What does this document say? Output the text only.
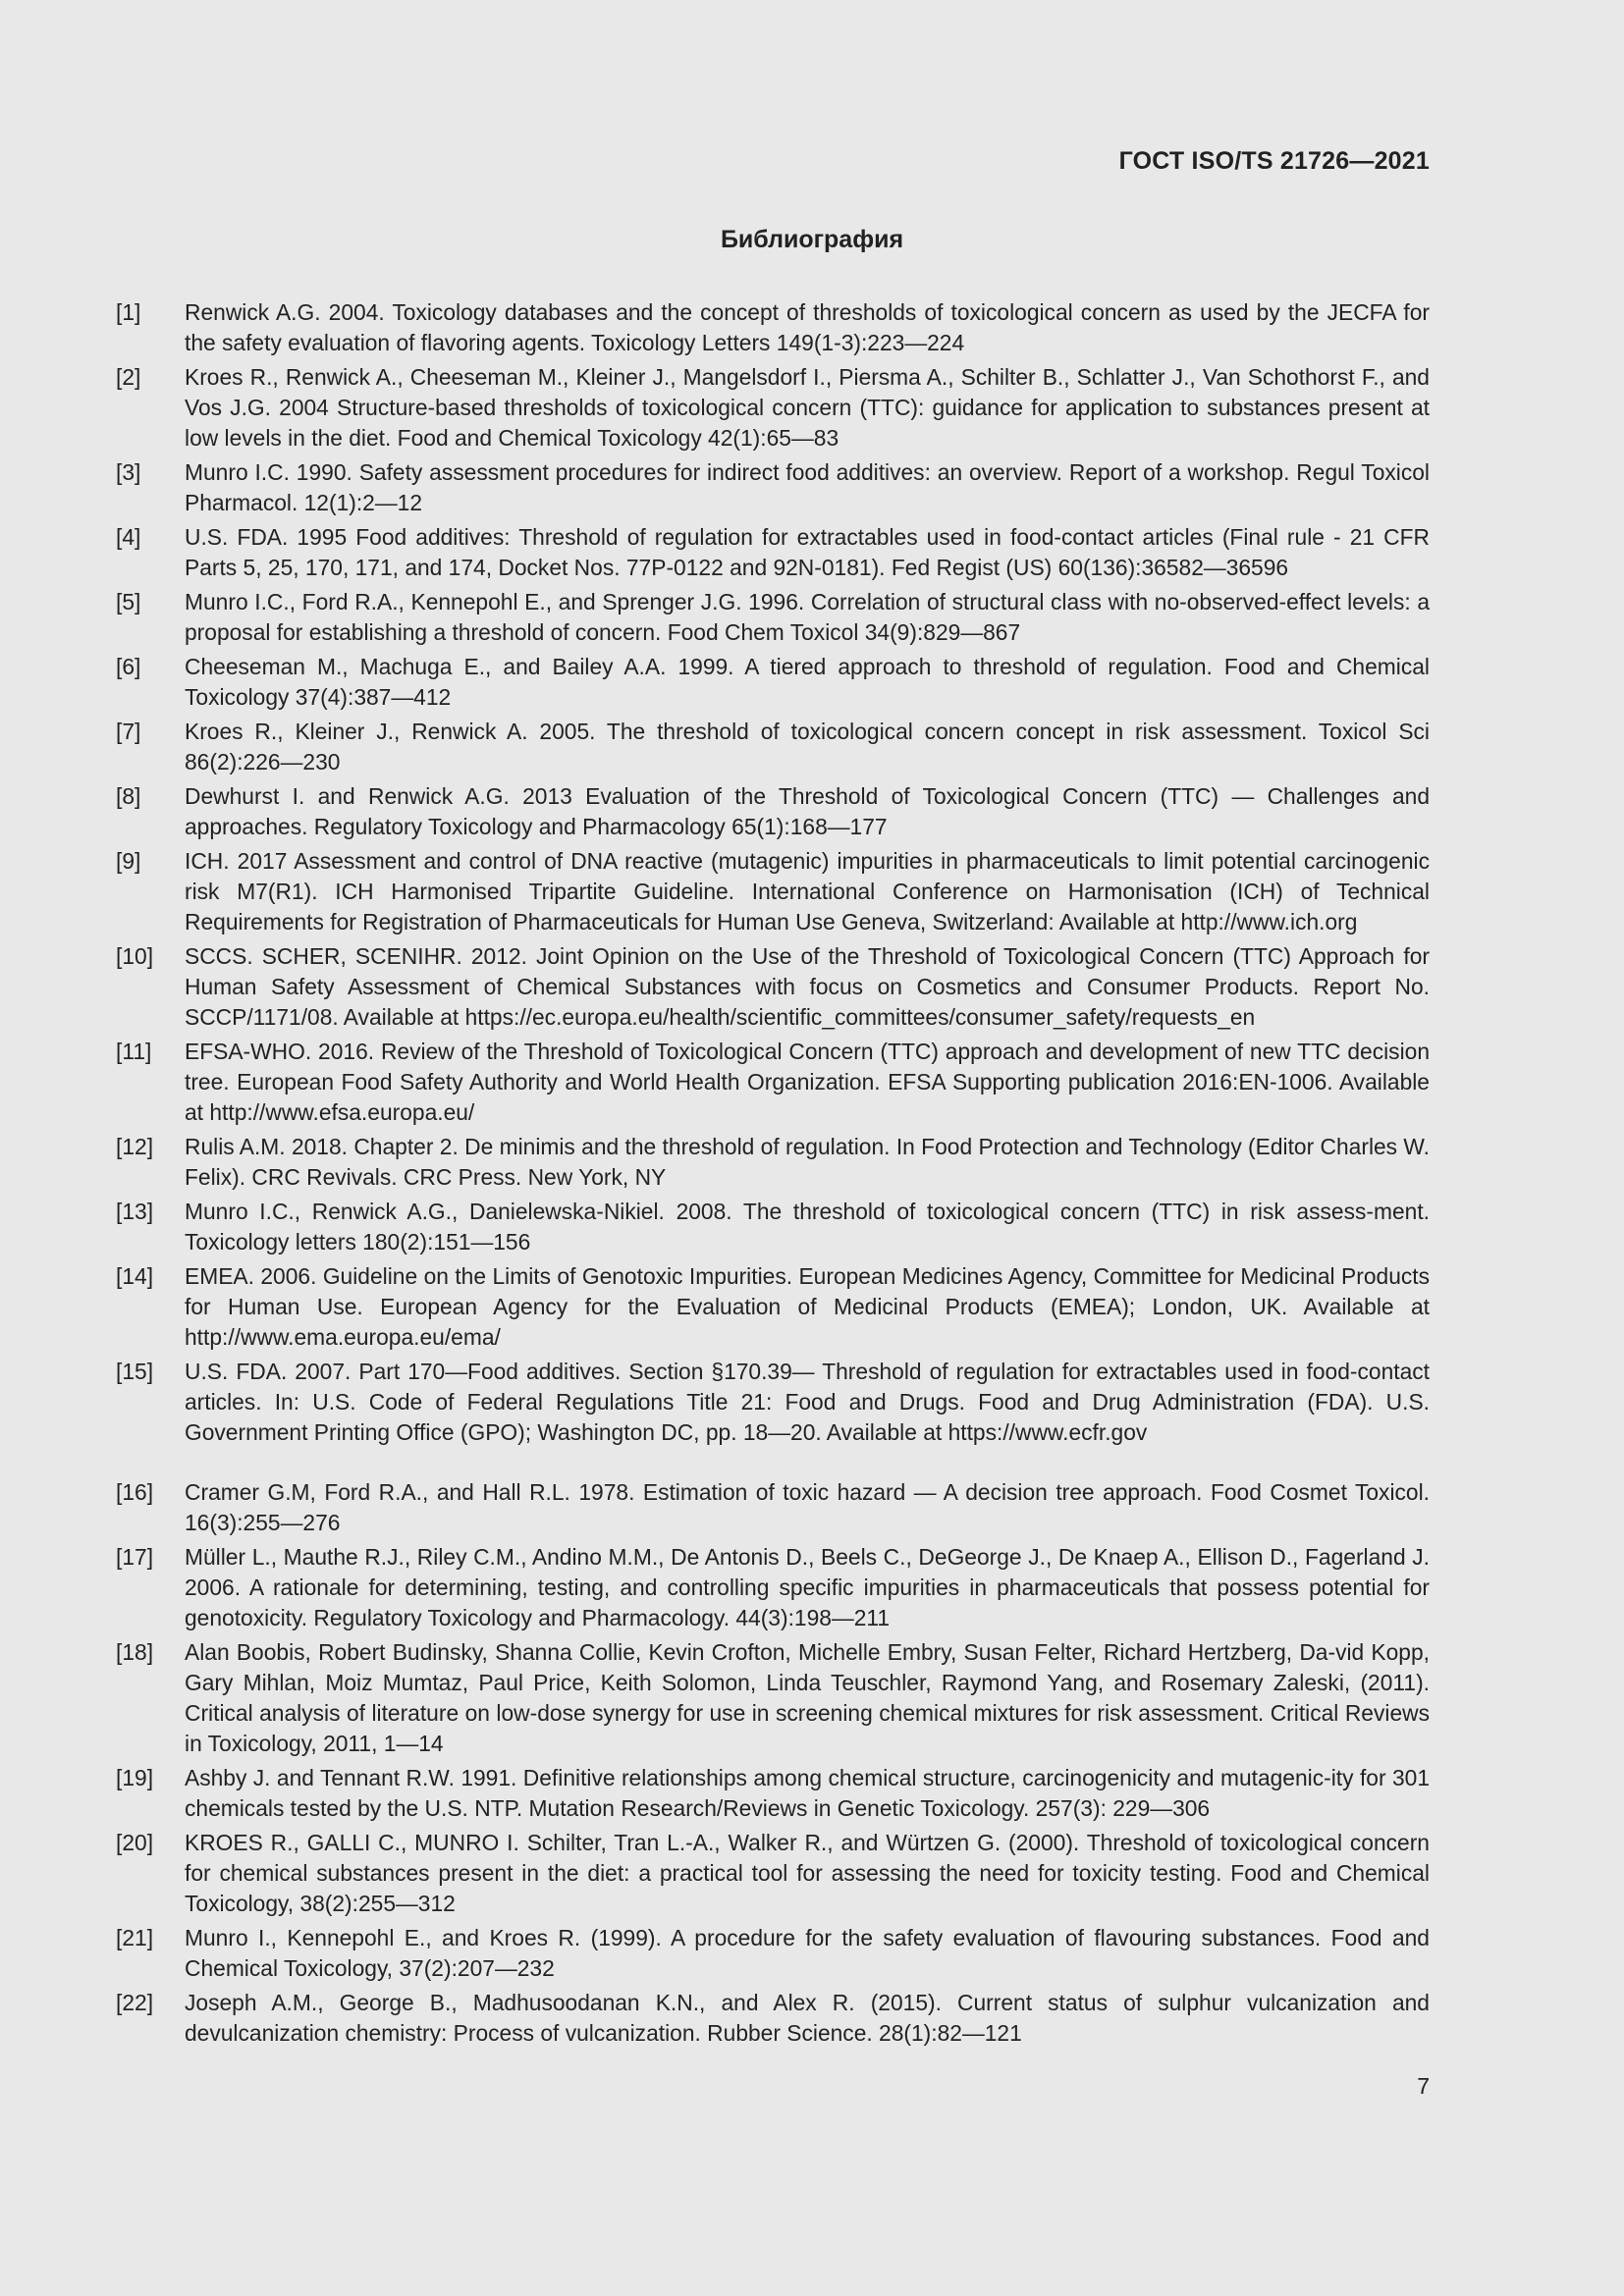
ГОСТ ISO/TS 21726—2021
Библиография
[1]	Renwick A.G. 2004. Toxicology databases and the concept of thresholds of toxicological concern as used by the JECFA for the safety evaluation of flavoring agents. Toxicology Letters 149(1-3):223—224
[2]	Kroes R., Renwick A., Cheeseman M., Kleiner J., Mangelsdorf I., Piersma A., Schilter B., Schlatter J., Van Schothorst F., and Vos J.G. 2004 Structure-based thresholds of toxicological concern (TTC): guidance for application to substances present at low levels in the diet. Food and Chemical Toxicology 42(1):65—83
[3]	Munro I.C. 1990. Safety assessment procedures for indirect food additives: an overview. Report of a workshop. Regul Toxicol Pharmacol. 12(1):2—12
[4]	U.S. FDA. 1995 Food additives: Threshold of regulation for extractables used in food-contact articles (Final rule - 21 CFR Parts 5, 25, 170, 171, and 174, Docket Nos. 77P-0122 and 92N-0181). Fed Regist (US) 60(136):36582—36596
[5]	Munro I.C., Ford R.A., Kennepohl E., and Sprenger J.G. 1996. Correlation of structural class with no-observed-effect levels: a proposal for establishing a threshold of concern. Food Chem Toxicol 34(9):829—867
[6]	Cheeseman M., Machuga E., and Bailey A.A. 1999. A tiered approach to threshold of regulation. Food and Chemical Toxicology 37(4):387—412
[7]	Kroes R., Kleiner J., Renwick A. 2005. The threshold of toxicological concern concept in risk assessment. Toxicol Sci 86(2):226—230
[8]	Dewhurst I. and Renwick A.G. 2013 Evaluation of the Threshold of Toxicological Concern (TTC) — Challenges and approaches. Regulatory Toxicology and Pharmacology 65(1):168—177
[9]	ICH. 2017 Assessment and control of DNA reactive (mutagenic) impurities in pharmaceuticals to limit potential carcinogenic risk M7(R1). ICH Harmonised Tripartite Guideline. International Conference on Harmonisation (ICH) of Technical Requirements for Registration of Pharmaceuticals for Human Use Geneva, Switzerland: Available at http://www.ich.org
[10]	SCCS. SCHER, SCENIHR. 2012. Joint Opinion on the Use of the Threshold of Toxicological Concern (TTC) Approach for Human Safety Assessment of Chemical Substances with focus on Cosmetics and Consumer Products. Report No. SCCP/1171/08. Available at https://ec.europa.eu/health/scientific_committees/consumer_safety/requests_en
[11]	EFSA-WHO. 2016. Review of the Threshold of Toxicological Concern (TTC) approach and development of new TTC decision tree. European Food Safety Authority and World Health Organization. EFSA Supporting publication 2016:EN-1006. Available at http://www.efsa.europa.eu/
[12]	Rulis A.M. 2018. Chapter 2. De minimis and the threshold of regulation. In Food Protection and Technology (Editor Charles W. Felix). CRC Revivals. CRC Press. New York, NY
[13]	Munro I.C., Renwick A.G., Danielewska-Nikiel. 2008. The threshold of toxicological concern (TTC) in risk assess-ment. Toxicology letters 180(2):151—156
[14]	EMEA. 2006. Guideline on the Limits of Genotoxic Impurities. European Medicines Agency, Committee for Medicinal Products for Human Use. European Agency for the Evaluation of Medicinal Products (EMEA); London, UK. Available at http://www.ema.europa.eu/ema/
[15]	U.S. FDA. 2007. Part 170—Food additives. Section §170.39— Threshold of regulation for extractables used in food-contact articles. In: U.S. Code of Federal Regulations Title 21: Food and Drugs. Food and Drug Administration (FDA). U.S. Government Printing Office (GPO); Washington DC, pp. 18—20. Available at https://www.ecfr.gov
[16]	Cramer G.M, Ford R.A., and Hall R.L. 1978. Estimation of toxic hazard — A decision tree approach. Food Cosmet Toxicol. 16(3):255—276
[17]	Müller L., Mauthe R.J., Riley C.M., Andino M.M., De Antonis D., Beels C., DeGeorge J., De Knaep A., Ellison D., Fagerland J. 2006. A rationale for determining, testing, and controlling specific impurities in pharmaceuticals that possess potential for genotoxicity. Regulatory Toxicology and Pharmacology. 44(3):198—211
[18]	Alan Boobis, Robert Budinsky, Shanna Collie, Kevin Crofton, Michelle Embry, Susan Felter, Richard Hertzberg, Da-vid Kopp, Gary Mihlan, Moiz Mumtaz, Paul Price, Keith Solomon, Linda Teuschler, Raymond Yang, and Rosemary Zaleski, (2011). Critical analysis of literature on low-dose synergy for use in screening chemical mixtures for risk assessment. Critical Reviews in Toxicology, 2011, 1—14
[19]	Ashby J. and Tennant R.W. 1991. Definitive relationships among chemical structure, carcinogenicity and mutagenic-ity for 301 chemicals tested by the U.S. NTP. Mutation Research/Reviews in Genetic Toxicology. 257(3): 229—306
[20]	KROES R., GALLI C., MUNRO I. Schilter, Tran L.-A., Walker R., and Würtzen G. (2000). Threshold of toxicological concern for chemical substances present in the diet: a practical tool for assessing the need for toxicity testing. Food and Chemical Toxicology, 38(2):255—312
[21]	Munro I., Kennepohl E., and Kroes R. (1999). A procedure for the safety evaluation of flavouring substances. Food and Chemical Toxicology, 37(2):207—232
[22]	Joseph A.M., George B., Madhusoodanan K.N., and Alex R. (2015). Current status of sulphur vulcanization and devulcanization chemistry: Process of vulcanization. Rubber Science. 28(1):82—121
7
